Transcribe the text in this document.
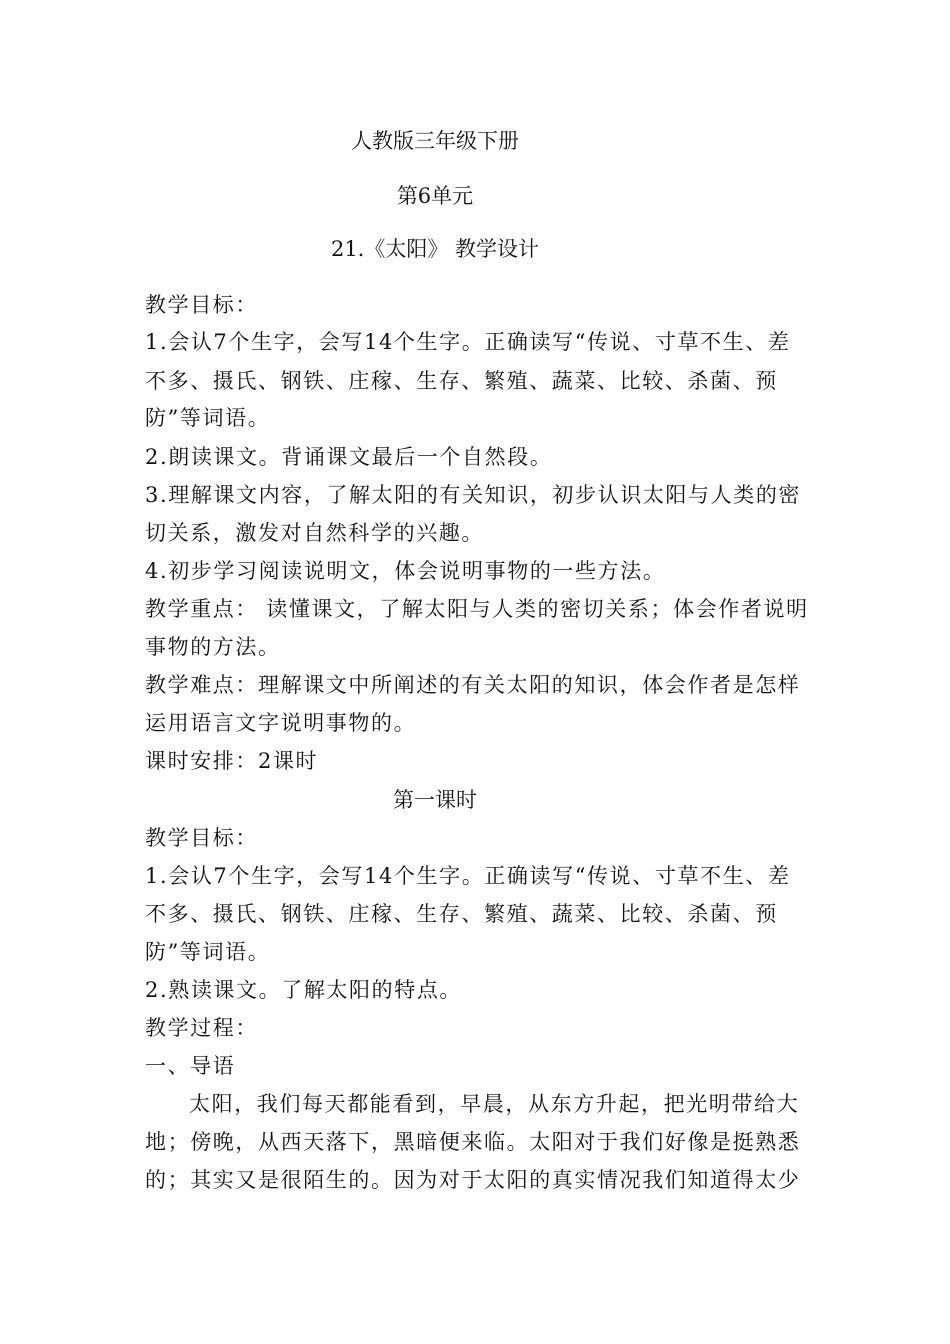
人教版三年级下册
第6单元
21.《太阳》 教学设计
教学目标：
1.会认7个生字，会写14个生字。正确读写“传说、寸草不生、差
不多、摄氏、钢铁、庄稼、生存、繁殖、蔬菜、比较、杀菌、预
防”等词语。
2.朗读课文。背诵课文最后一个自然段。
3.理解课文内容，了解太阳的有关知识，初步认识太阳与人类的密
切关系，激发对自然科学的兴趣。
4.初步学习阅读说明文，体会说明事物的一些方法。
教学重点： 读懂课文，了解太阳与人类的密切关系；体会作者说明
事物的方法。
教学难点：理解课文中所阐述的有关太阳的知识，体会作者是怎样
运用语言文字说明事物的。
课时安排：2课时
第一课时
教学目标：
1.会认7个生字，会写14个生字。正确读写“传说、寸草不生、差
不多、摄氏、钢铁、庄稼、生存、繁殖、蔬菜、比较、杀菌、预
防”等词语。
2.熟读课文。了解太阳的特点。
教学过程：
一、导语
太阳，我们每天都能看到，早晨，从东方升起，把光明带给大
地；傍晚，从西天落下，黑暗便来临。太阳对于我们好像是挺熟悉
的；其实又是很陌生的。因为对于太阳的真实情况我们知道得太少
